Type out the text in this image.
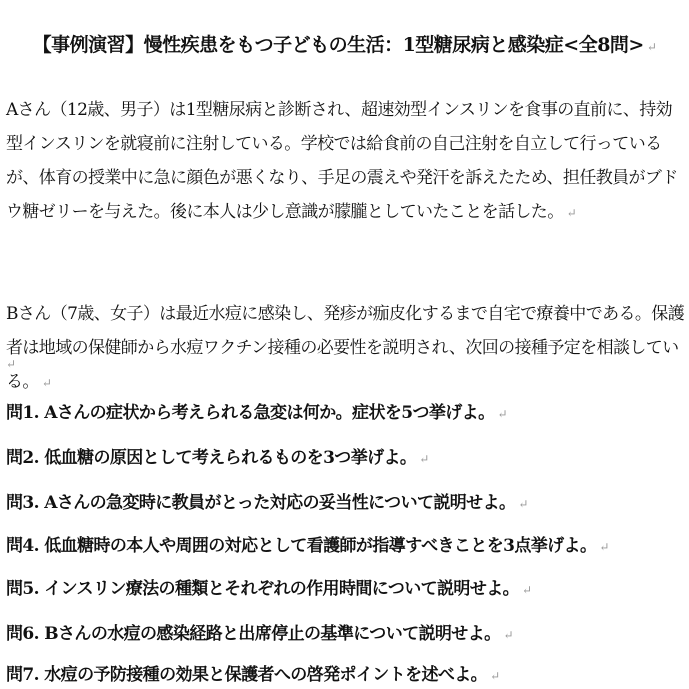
【事例演習】慢性疾患をもつ子どもの生活：1型糖尿病と感染症<全8問> ↵
Aさん（12歳、男子）は1型糖尿病と診断され、超速効型インスリンを食事の直前に、持効型インスリンを就寝前に注射している。学校では給食前の自己注射を自立して行っているが、体育の授業中に急に顔色が悪くなり、手足の震えや発汗を訴えたため、担任教員がブドウ糖ゼリーを与えた。後に本人は少し意識が朦朧としていたことを話した。 ↵
Bさん（7歳、女子）は最近水痘に感染し、発疹が痂皮化するまで自宅で療養中である。保護者は地域の保健師から水痘ワクチン接種の必要性を説明され、次回の接種予定を相談している。 ↵
↵
問1. Aさんの症状から考えられる急変は何か。症状を5つ挙げよ。 ↵
問2. 低血糖の原因として考えられるものを3つ挙げよ。 ↵
問3. Aさんの急変時に教員がとった対応の妥当性について説明せよ。 ↵
問4. 低血糖時の本人や周囲の対応として看護師が指導すべきことを3点挙げよ。 ↵
問5. インスリン療法の種類とそれぞれの作用時間について説明せよ。 ↵
問6. Bさんの水痘の感染経路と出席停止の基準について説明せよ。 ↵
問7. 水痘の予防接種の効果と保護者への啓発ポイントを述べよ。 ↵
